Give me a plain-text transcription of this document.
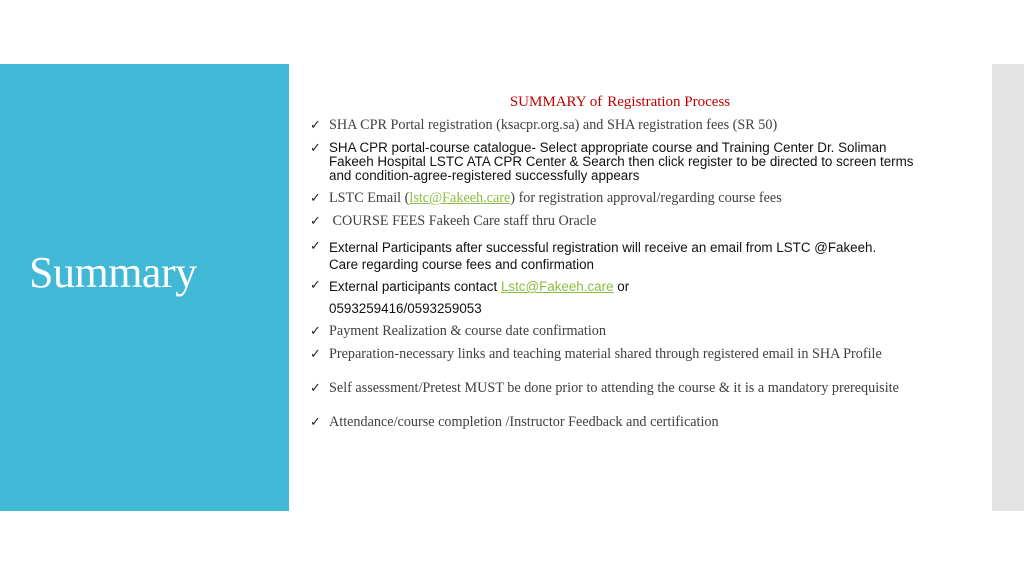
Summary

SUMMARY of Registration Process

✓ SHA CPR Portal registration (ksacpr.org.sa) and SHA registration fees (SR 50)
✓ SHA CPR portal-course catalogue- Select appropriate course and Training Center Dr. Soliman Fakeeh Hospital LSTC ATA CPR Center & Search then click register to be directed to screen terms and condition-agree-registered successfully appears
✓ LSTC Email (lstc@Fakeeh.care) for registration approval/regarding course fees
✓ COURSE FEES Fakeeh Care staff thru Oracle
✓ External Participants after successful registration will receive an email from LSTC @Fakeeh. Care regarding course fees and confirmation
✓ External participants contact Lstc@Fakeeh.care or
0593259416/0593259053
✓ Payment Realization & course date confirmation
✓ Preparation-necessary links and teaching material shared through registered email in SHA Profile
✓ Self assessment/Pretest MUST be done prior to attending the course & it is a mandatory prerequisite
✓ Attendance/course completion /Instructor Feedback and certification
